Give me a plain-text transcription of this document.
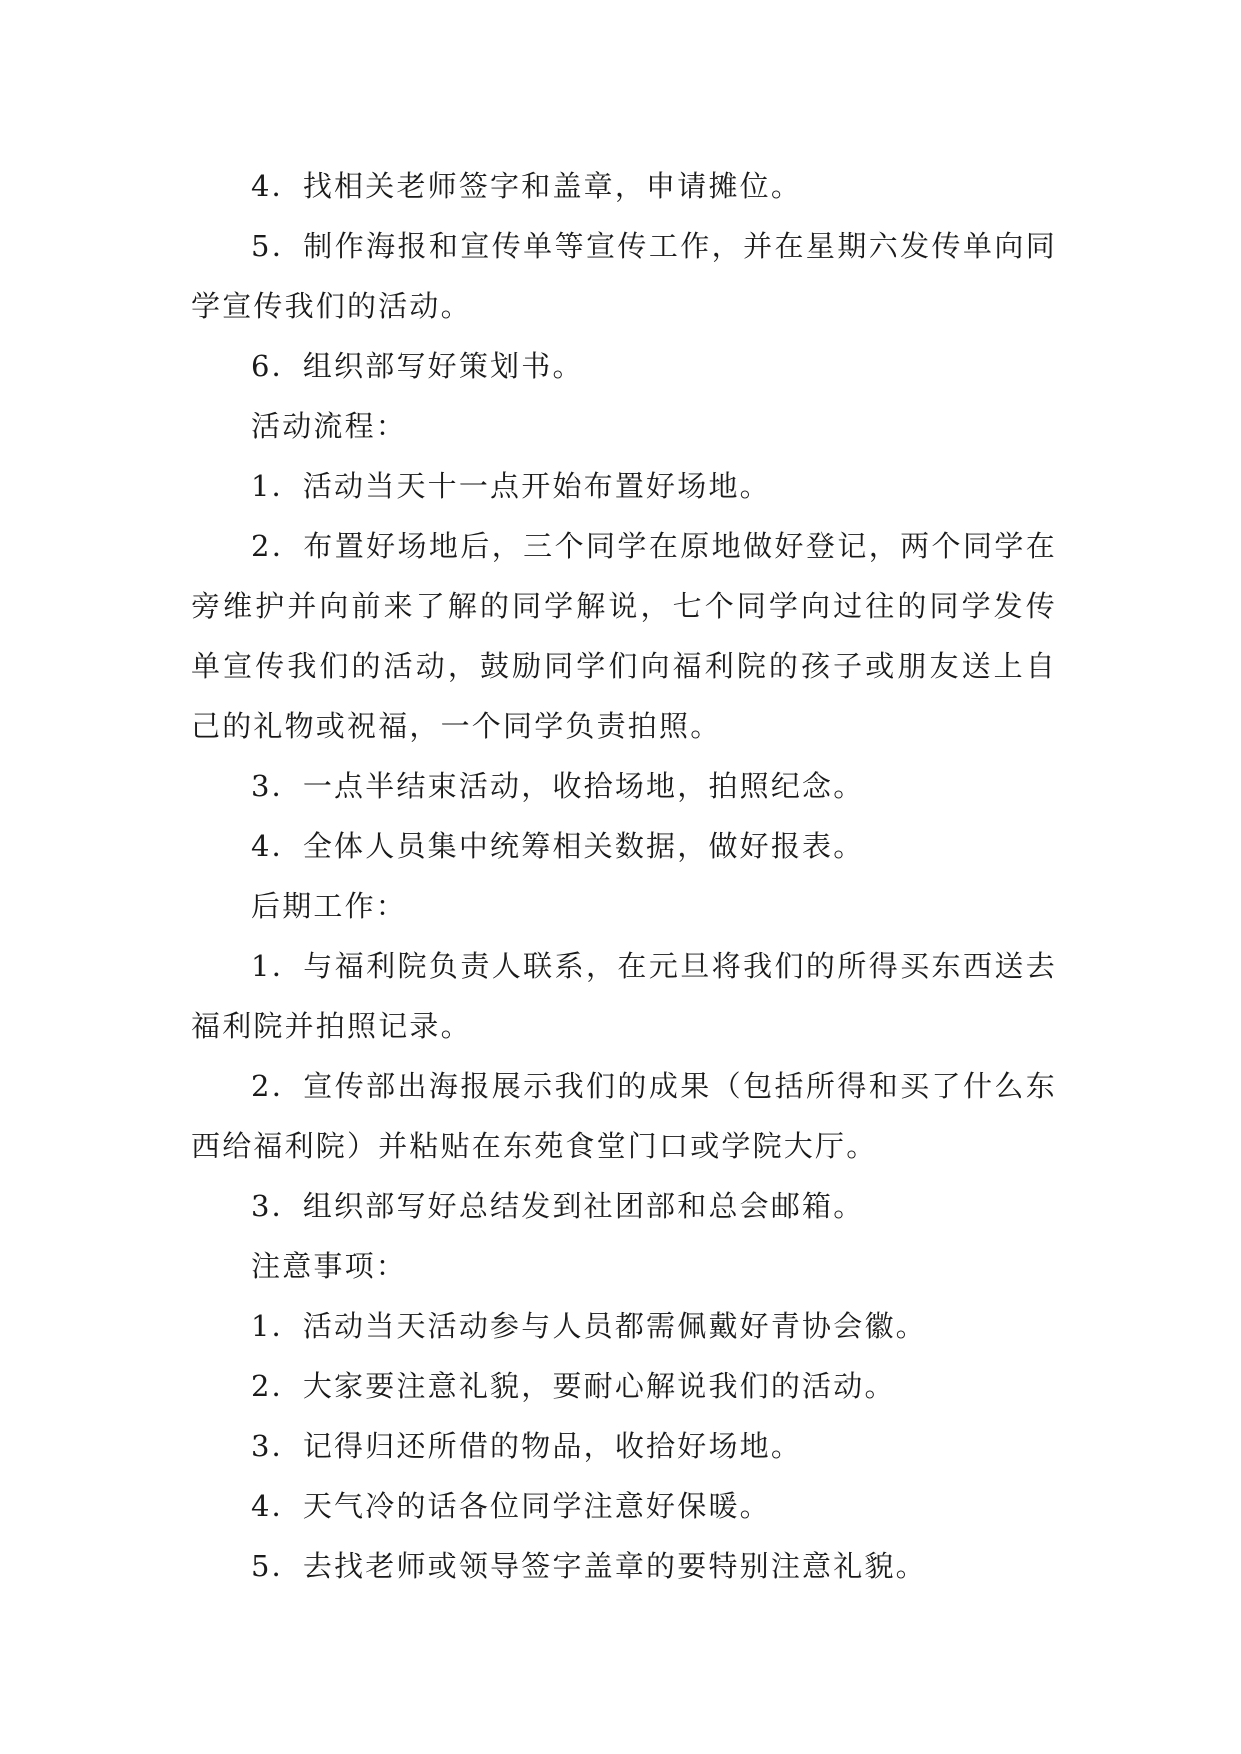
4．找相关老师签字和盖章，申请摊位。

5．制作海报和宣传单等宣传工作，并在星期六发传单向同学宣传我们的活动。

6．组织部写好策划书。

活动流程：

1．活动当天十一点开始布置好场地。

2．布置好场地后，三个同学在原地做好登记，两个同学在旁维护并向前来了解的同学解说，七个同学向过往的同学发传单宣传我们的活动，鼓励同学们向福利院的孩子或朋友送上自己的礼物或祝福，一个同学负责拍照。

3．一点半结束活动，收拾场地，拍照纪念。

4．全体人员集中统筹相关数据，做好报表。

后期工作：

1．与福利院负责人联系，在元旦将我们的所得买东西送去福利院并拍照记录。

2．宣传部出海报展示我们的成果（包括所得和买了什么东西给福利院）并粘贴在东苑食堂门口或学院大厅。

3．组织部写好总结发到社团部和总会邮箱。

注意事项：

1．活动当天活动参与人员都需佩戴好青协会徽。

2．大家要注意礼貌，要耐心解说我们的活动。

3．记得归还所借的物品，收拾好场地。

4．天气冷的话各位同学注意好保暖。

5．去找老师或领导签字盖章的要特别注意礼貌。
